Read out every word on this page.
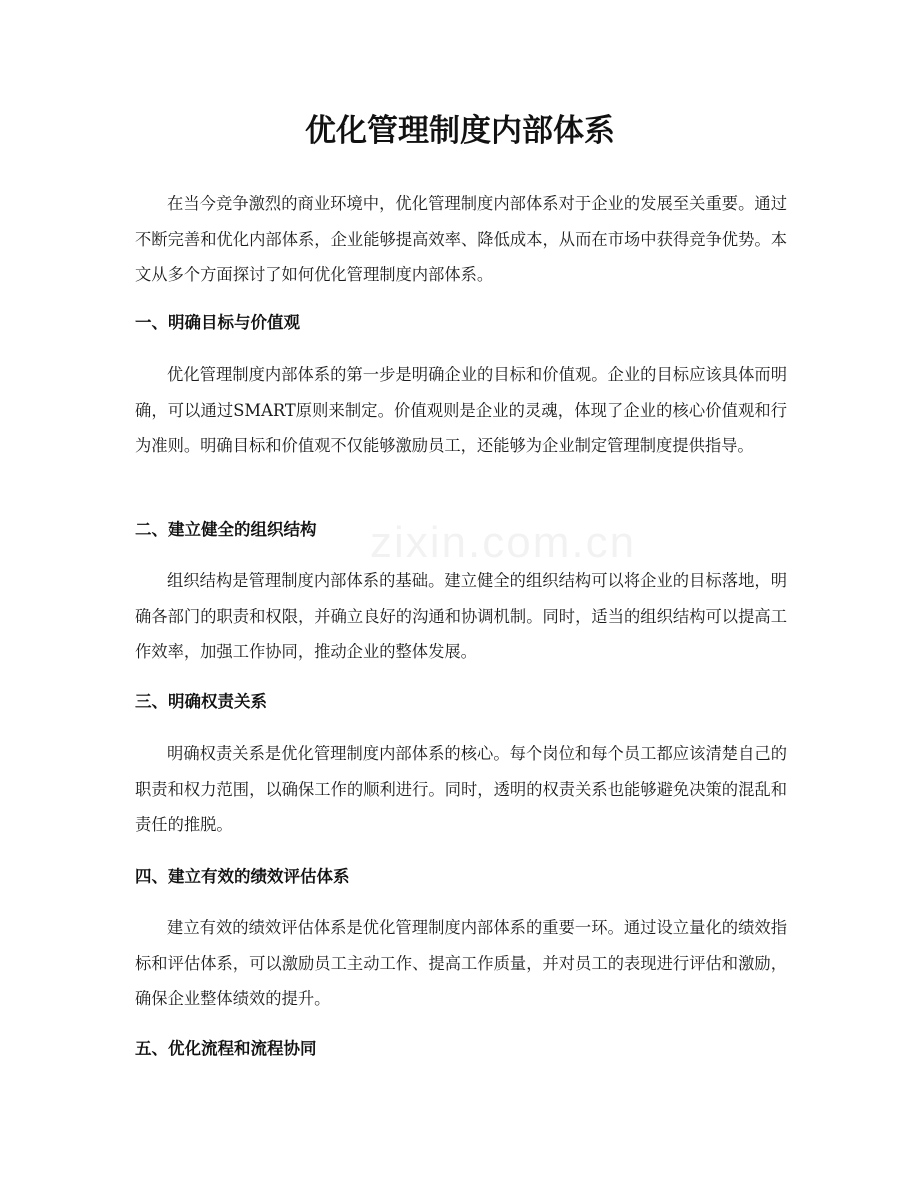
优化管理制度内部体系

在当今竞争激烈的商业环境中，优化管理制度内部体系对于企业的发展至关重要。通过不断完善和优化内部体系，企业能够提高效率、降低成本，从而在市场中获得竞争优势。本文从多个方面探讨了如何优化管理制度内部体系。

一、明确目标与价值观

优化管理制度内部体系的第一步是明确企业的目标和价值观。企业的目标应该具体而明确，可以通过SMART原则来制定。价值观则是企业的灵魂，体现了企业的核心价值观和行为准则。明确目标和价值观不仅能够激励员工，还能够为企业制定管理制度提供指导。

二、建立健全的组织结构

组织结构是管理制度内部体系的基础。建立健全的组织结构可以将企业的目标落地，明确各部门的职责和权限，并确立良好的沟通和协调机制。同时，适当的组织结构可以提高工作效率，加强工作协同，推动企业的整体发展。

三、明确权责关系

明确权责关系是优化管理制度内部体系的核心。每个岗位和每个员工都应该清楚自己的职责和权力范围，以确保工作的顺利进行。同时，透明的权责关系也能够避免决策的混乱和责任的推脱。

四、建立有效的绩效评估体系

建立有效的绩效评估体系是优化管理制度内部体系的重要一环。通过设立量化的绩效指标和评估体系，可以激励员工主动工作、提高工作质量，并对员工的表现进行评估和激励，确保企业整体绩效的提升。

五、优化流程和流程协同
zixin.com.cn
